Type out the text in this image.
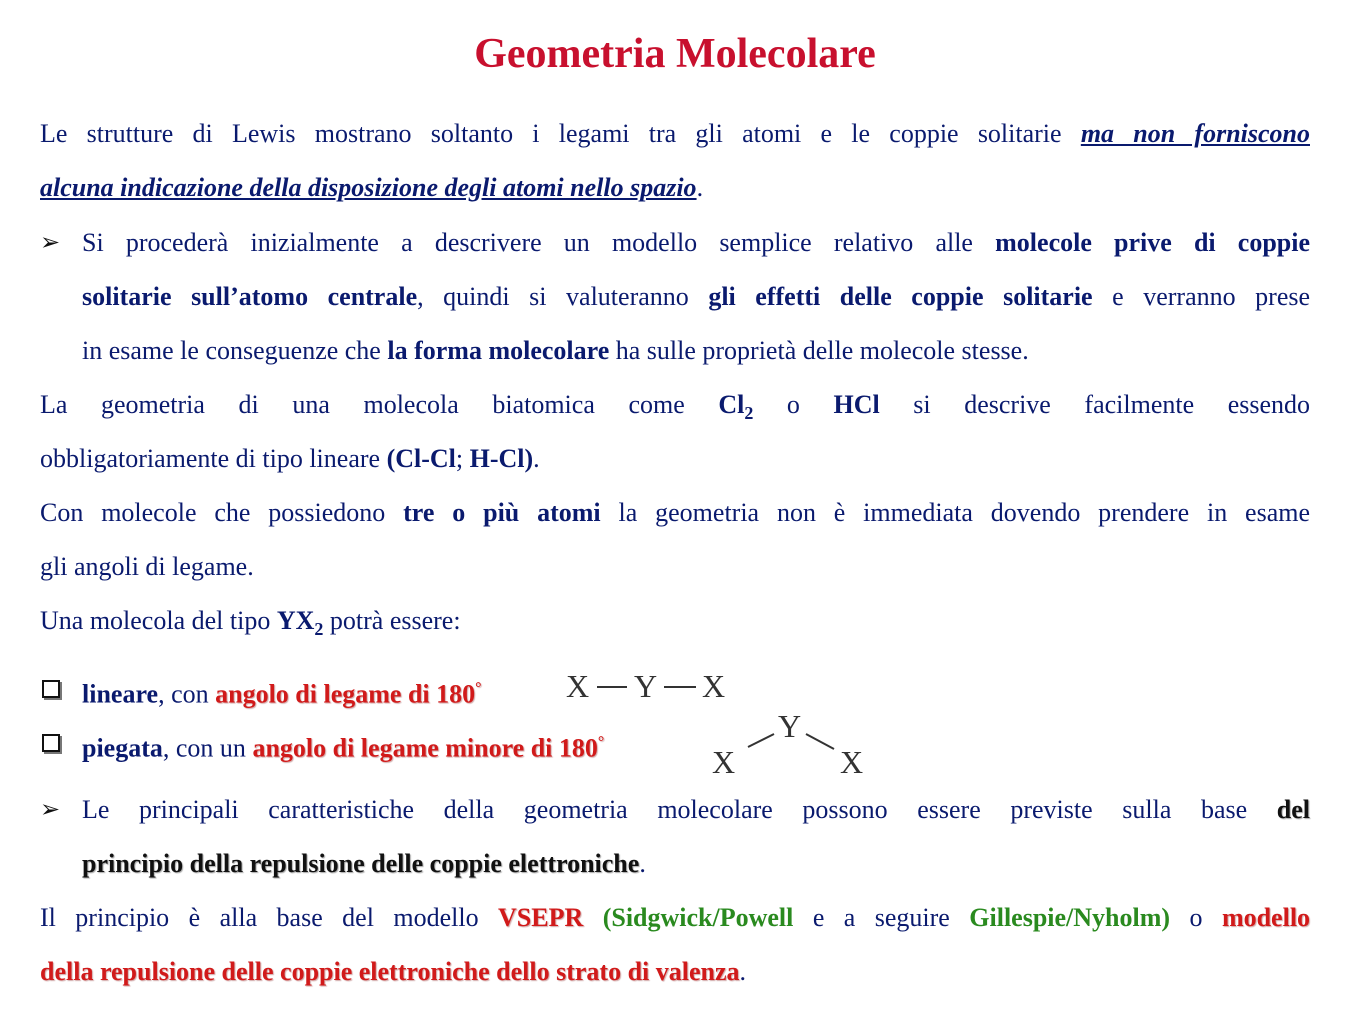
Geometria Molecolare
Le strutture di Lewis mostrano soltanto i legami tra gli atomi e le coppie solitarie ma non forniscono
alcuna indicazione della disposizione degli atomi nello spazio.
➢ Si procederà inizialmente a descrivere un modello semplice relativo alle molecole prive di coppie
solitarie sull’atomo centrale, quindi si valuteranno gli effetti delle coppie solitarie e verranno prese
in esame le conseguenze che la forma molecolare ha sulle proprietà delle molecole stesse.
La geometria di una molecola biatomica come $Cl_2$ o HCl si descrive facilmente essendo
obbligatoriamente di tipo lineare (Cl-Cl; H-Cl).
Con molecole che possiedono tre o più atomi la geometria non è immediata dovendo prendere in esame
gli angoli di legame.
Una molecola del tipo $YX_2$ potrà essere:
lineare, con angolo di legame di 180°
piegata, con un angolo di legame minore di 180°
X Y X
Y
X	X
➢ Le principali caratteristiche della geometria molecolare possono essere previste sulla base del
principio della repulsione delle coppie elettroniche.
Il principio è alla base del modello VSEPR (Sidgwick/Powell e a seguire Gillespie/Nyholm) o modello
della repulsione delle coppie elettroniche dello strato di valenza.
